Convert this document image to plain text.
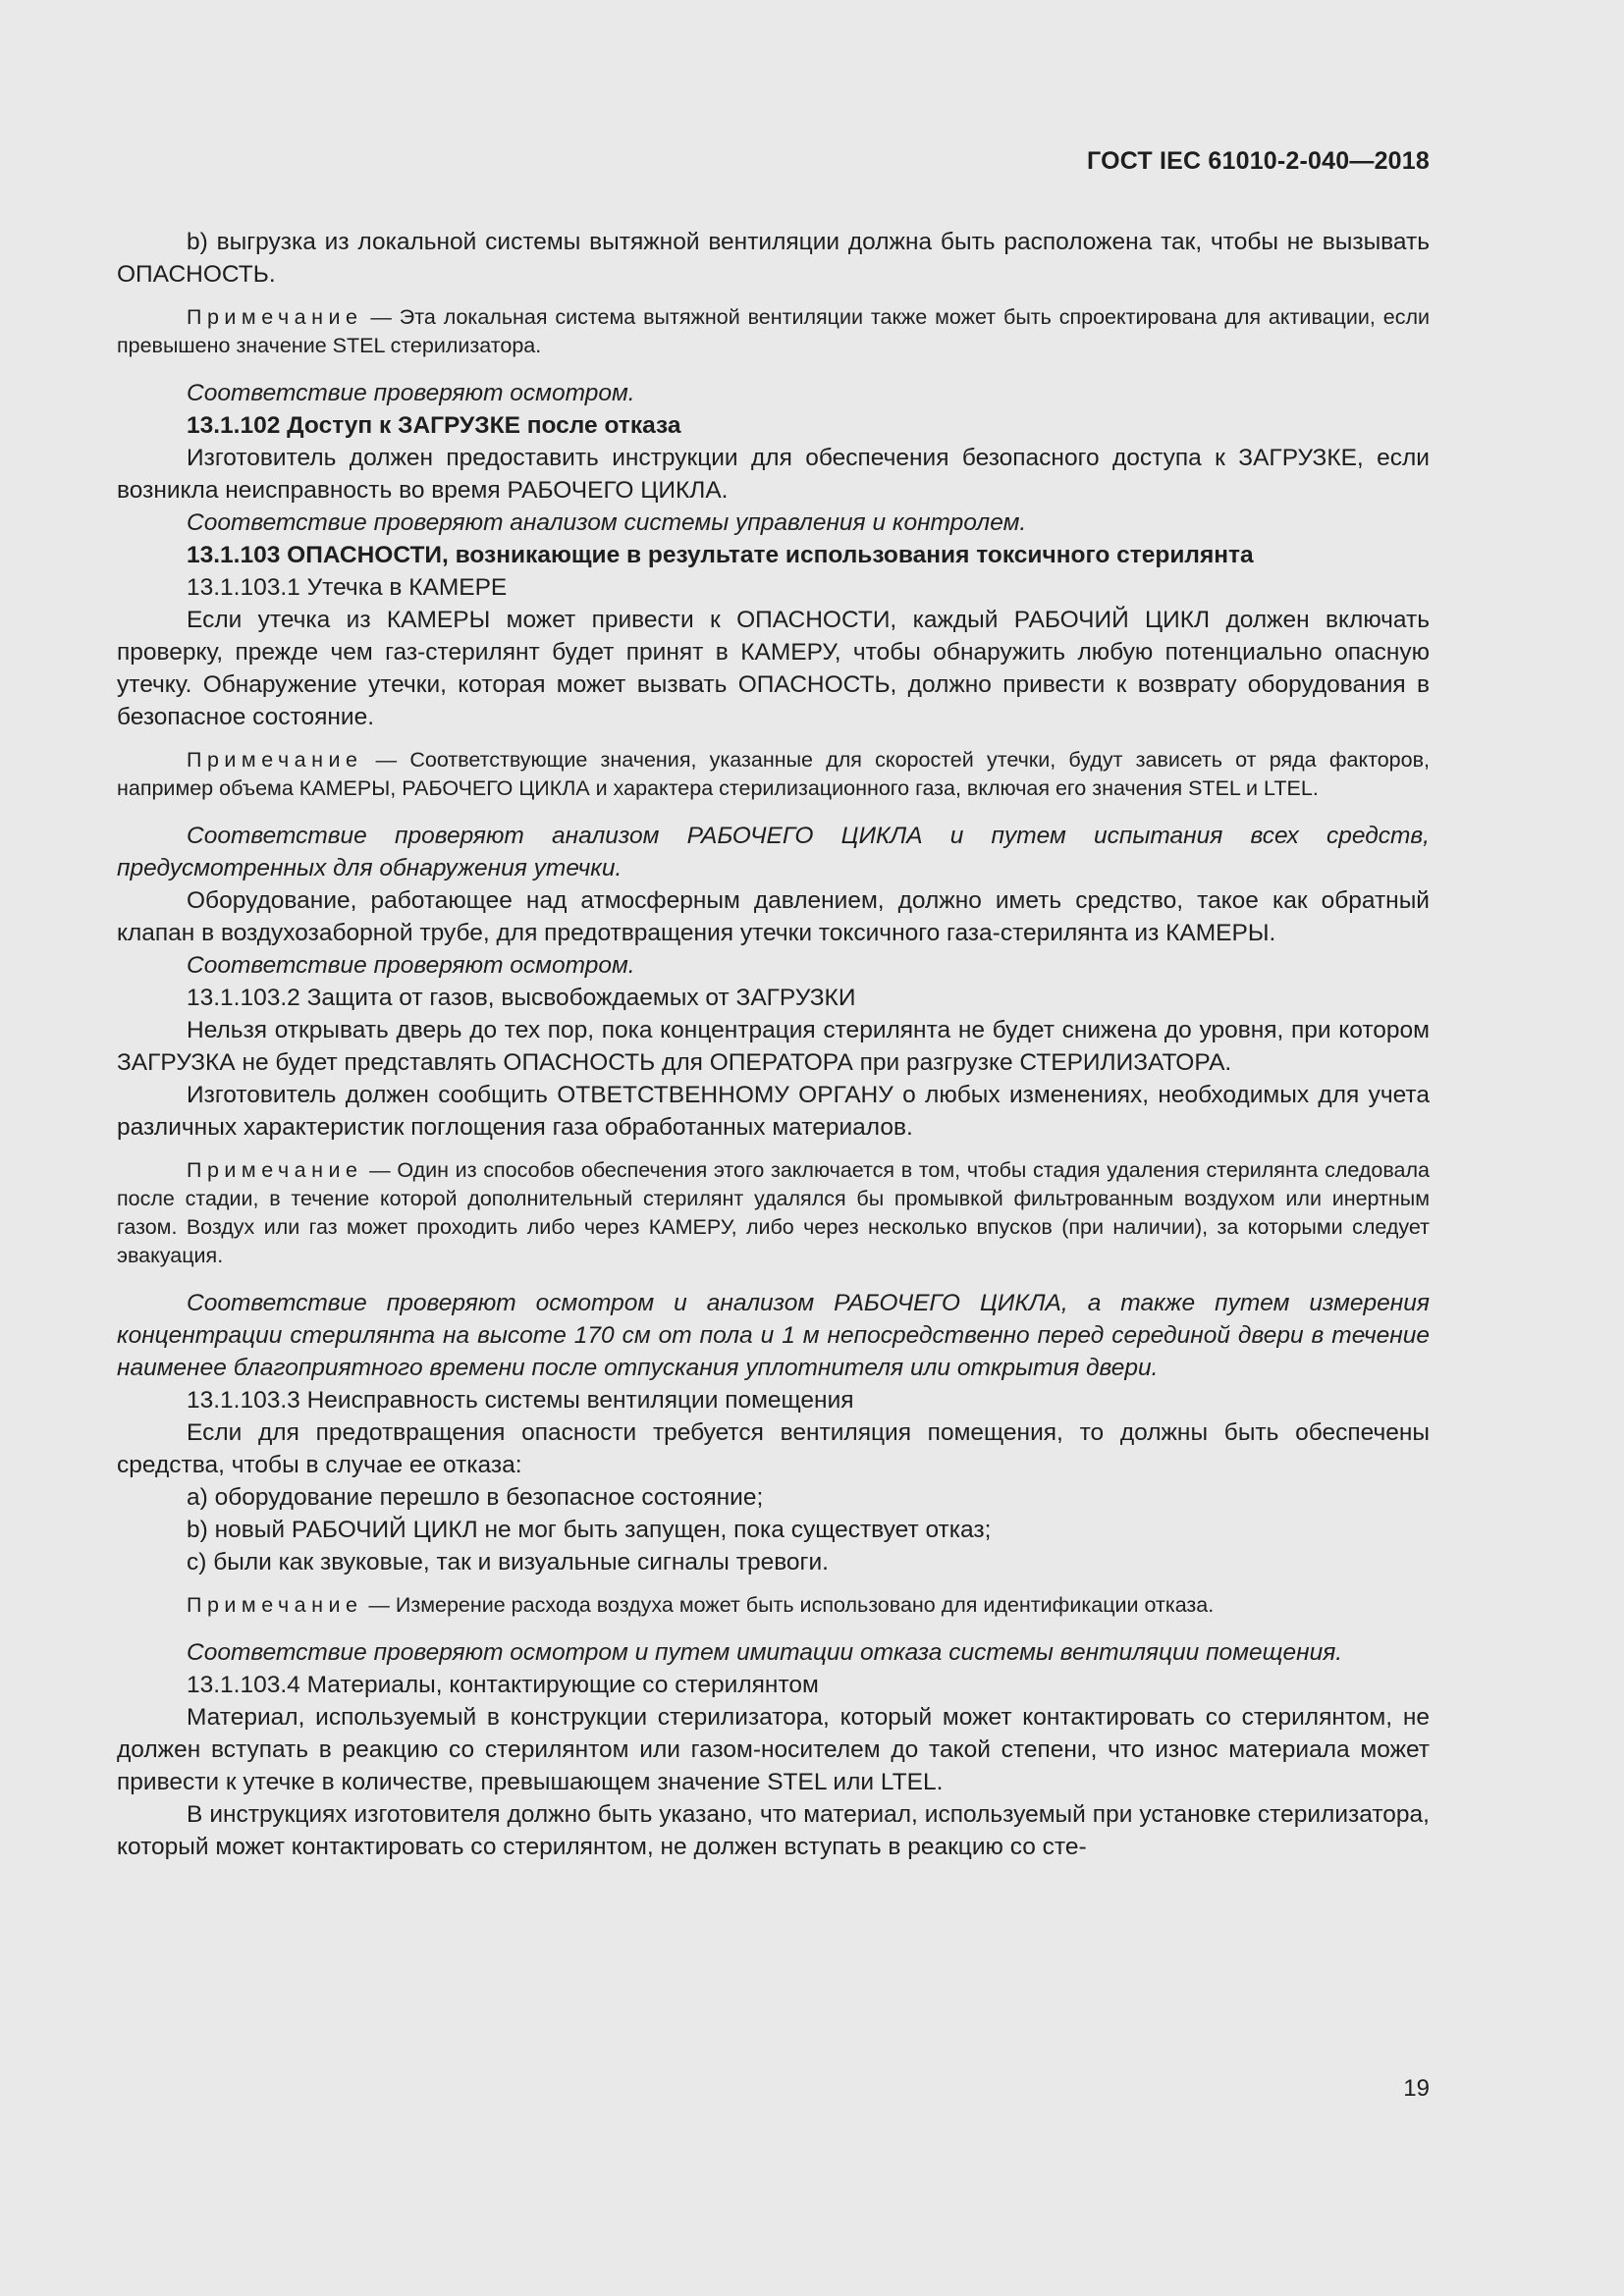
ГОСТ IEC 61010-2-040—2018

b) выгрузка из локальной системы вытяжной вентиляции должна быть расположена так, чтобы не вызывать ОПАСНОСТЬ.

Примечание — Эта локальная система вытяжной вентиляции также может быть спроектирована для активации, если превышено значение STEL стерилизатора.

Соответствие проверяют осмотром.

13.1.102 Доступ к ЗАГРУЗКЕ после отказа

Изготовитель должен предоставить инструкции для обеспечения безопасного доступа к ЗАГРУЗКЕ, если возникла неисправность во время РАБОЧЕГО ЦИКЛА.

Соответствие проверяют анализом системы управления и контролем.

13.1.103 ОПАСНОСТИ, возникающие в результате использования токсичного стерилянта

13.1.103.1 Утечка в КАМЕРЕ

Если утечка из КАМЕРЫ может привести к ОПАСНОСТИ, каждый РАБОЧИЙ ЦИКЛ должен включать проверку, прежде чем газ-стерилянт будет принят в КАМЕРУ, чтобы обнаружить любую потенциально опасную утечку. Обнаружение утечки, которая может вызвать ОПАСНОСТЬ, должно привести к возврату оборудования в безопасное состояние.

Примечание — Соответствующие значения, указанные для скоростей утечки, будут зависеть от ряда факторов, например объема КАМЕРЫ, РАБОЧЕГО ЦИКЛА и характера стерилизационного газа, включая его значения STEL и LTEL.

Соответствие проверяют анализом РАБОЧЕГО ЦИКЛА и путем испытания всех средств, предусмотренных для обнаружения утечки.

Оборудование, работающее над атмосферным давлением, должно иметь средство, такое как обратный клапан в воздухозаборной трубе, для предотвращения утечки токсичного газа-стерилянта из КАМЕРЫ.

Соответствие проверяют осмотром.

13.1.103.2 Защита от газов, высвобождаемых от ЗАГРУЗКИ

Нельзя открывать дверь до тех пор, пока концентрация стерилянта не будет снижена до уровня, при котором ЗАГРУЗКА не будет представлять ОПАСНОСТЬ для ОПЕРАТОРА при разгрузке СТЕРИЛИЗАТОРА.

Изготовитель должен сообщить ОТВЕТСТВЕННОМУ ОРГАНУ о любых изменениях, необходимых для учета различных характеристик поглощения газа обработанных материалов.

Примечание — Один из способов обеспечения этого заключается в том, чтобы стадия удаления стерилянта следовала после стадии, в течение которой дополнительный стерилянт удалялся бы промывкой фильтрованным воздухом или инертным газом. Воздух или газ может проходить либо через КАМЕРУ, либо через несколько впусков (при наличии), за которыми следует эвакуация.

Соответствие проверяют осмотром и анализом РАБОЧЕГО ЦИКЛА, а также путем измерения концентрации стерилянта на высоте 170 см от пола и 1 м непосредственно перед серединой двери в течение наименее благоприятного времени после отпускания уплотнителя или открытия двери.

13.1.103.3 Неисправность системы вентиляции помещения

Если для предотвращения опасности требуется вентиляция помещения, то должны быть обеспечены средства, чтобы в случае ее отказа:

a) оборудование перешло в безопасное состояние;

b) новый РАБОЧИЙ ЦИКЛ не мог быть запущен, пока существует отказ;

c) были как звуковые, так и визуальные сигналы тревоги.

Примечание — Измерение расхода воздуха может быть использовано для идентификации отказа.

Соответствие проверяют осмотром и путем имитации отказа системы вентиляции помещения.

13.1.103.4 Материалы, контактирующие со стерилянтом

Материал, используемый в конструкции стерилизатора, который может контактировать со стерилянтом, не должен вступать в реакцию со стерилянтом или газом-носителем до такой степени, что износ материала может привести к утечке в количестве, превышающем значение STEL или LTEL.

В инструкциях изготовителя должно быть указано, что материал, используемый при установке стерилизатора, который может контактировать со стерилянтом, не должен вступать в реакцию со сте-

19
